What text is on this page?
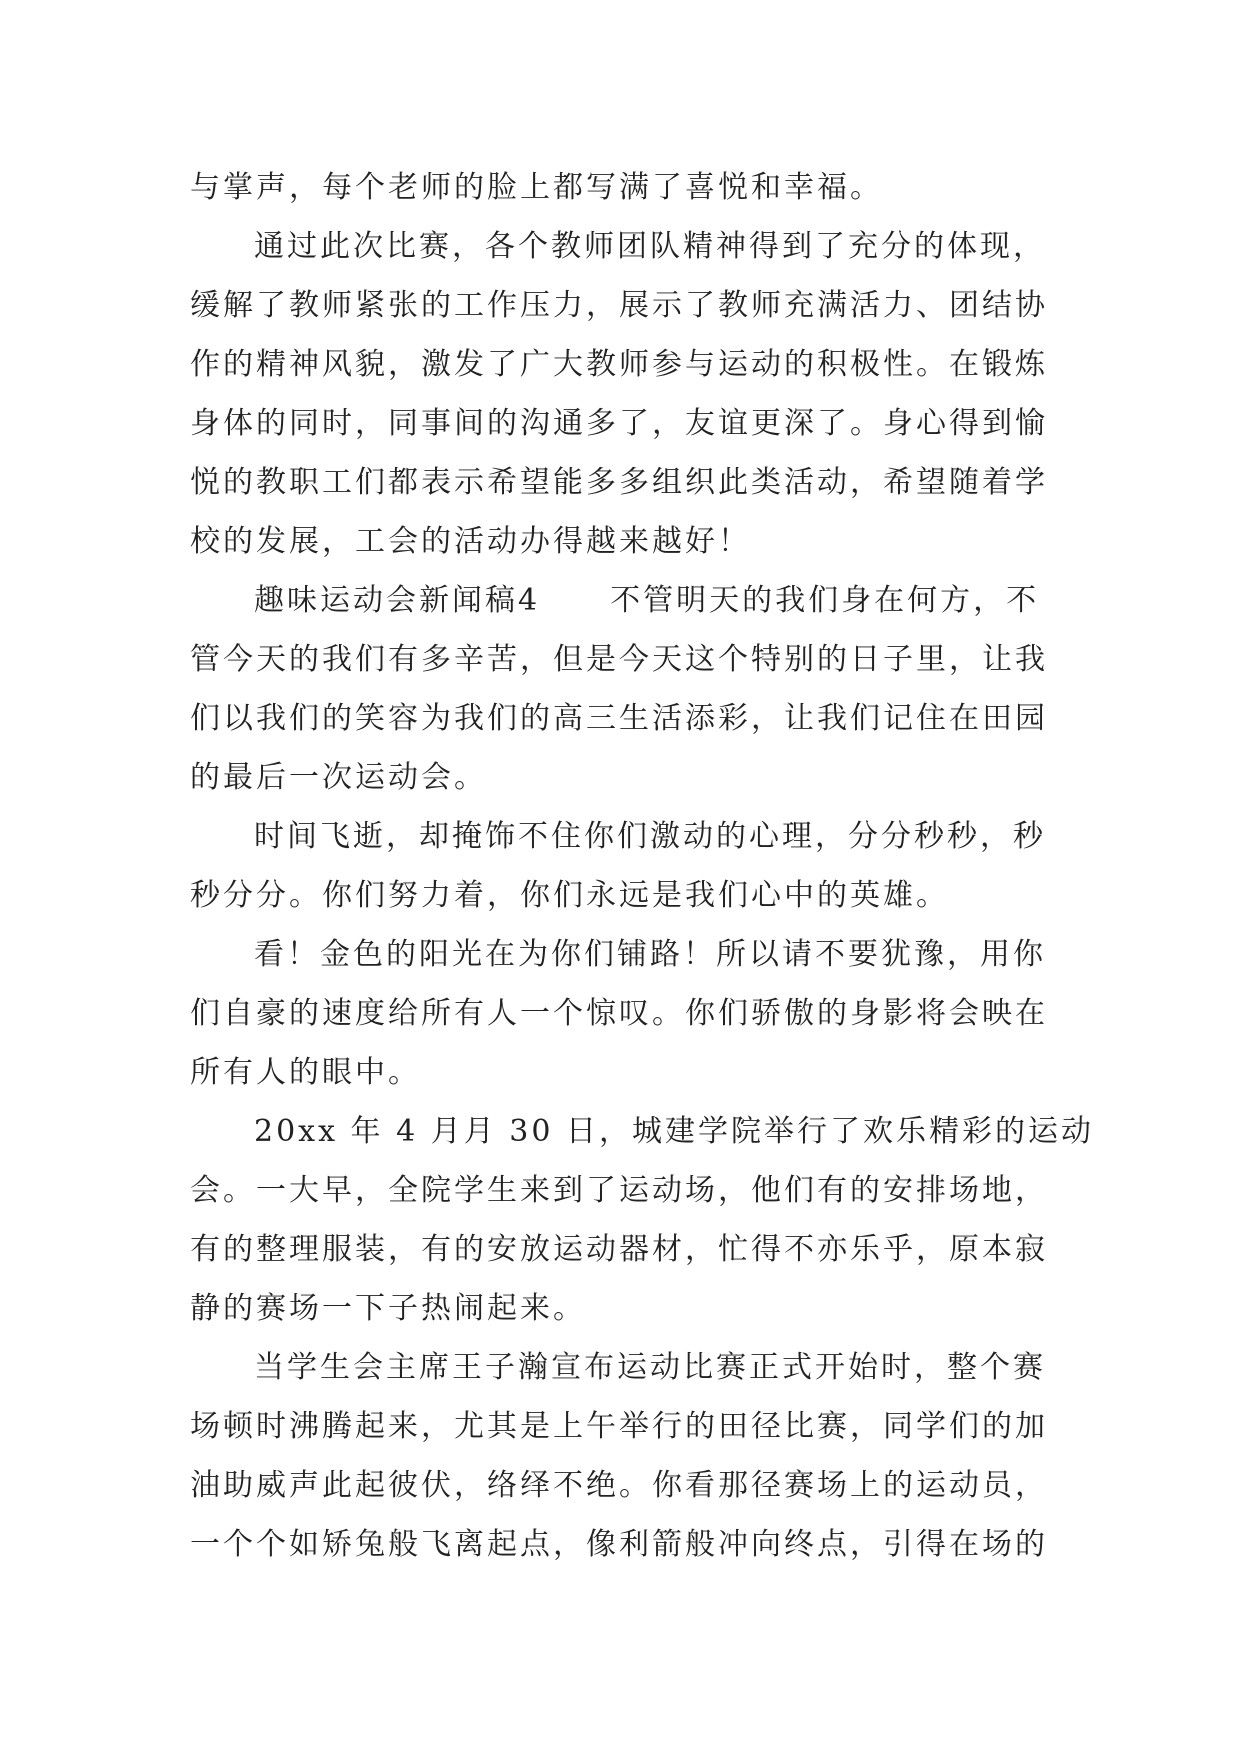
与掌声，每个老师的脸上都写满了喜悦和幸福。
通过此次比赛，各个教师团队精神得到了充分的体现，
缓解了教师紧张的工作压力，展示了教师充满活力、团结协
作的精神风貌，激发了广大教师参与运动的积极性。在锻炼
身体的同时，同事间的沟通多了，友谊更深了。身心得到愉
悦的教职工们都表示希望能多多组织此类活动，希望随着学
校的发展，工会的活动办得越来越好！
趣味运动会新闻稿4 不管明天的我们身在何方，不
管今天的我们有多辛苦，但是今天这个特别的日子里，让我
们以我们的笑容为我们的高三生活添彩，让我们记住在田园
的最后一次运动会。
时间飞逝，却掩饰不住你们激动的心理，分分秒秒，秒
秒分分。你们努力着，你们永远是我们心中的英雄。
看！金色的阳光在为你们铺路！所以请不要犹豫，用你
们自豪的速度给所有人一个惊叹。你们骄傲的身影将会映在
所有人的眼中。
20xx 年 4 月月 30 日，城建学院举行了欢乐精彩的运动
会。一大早，全院学生来到了运动场，他们有的安排场地，
有的整理服装，有的安放运动器材，忙得不亦乐乎，原本寂
静的赛场一下子热闹起来。
当学生会主席王子瀚宣布运动比赛正式开始时，整个赛
场顿时沸腾起来，尤其是上午举行的田径比赛，同学们的加
油助威声此起彼伏，络绎不绝。你看那径赛场上的运动员，
一个个如矫兔般飞离起点，像利箭般冲向终点，引得在场的
